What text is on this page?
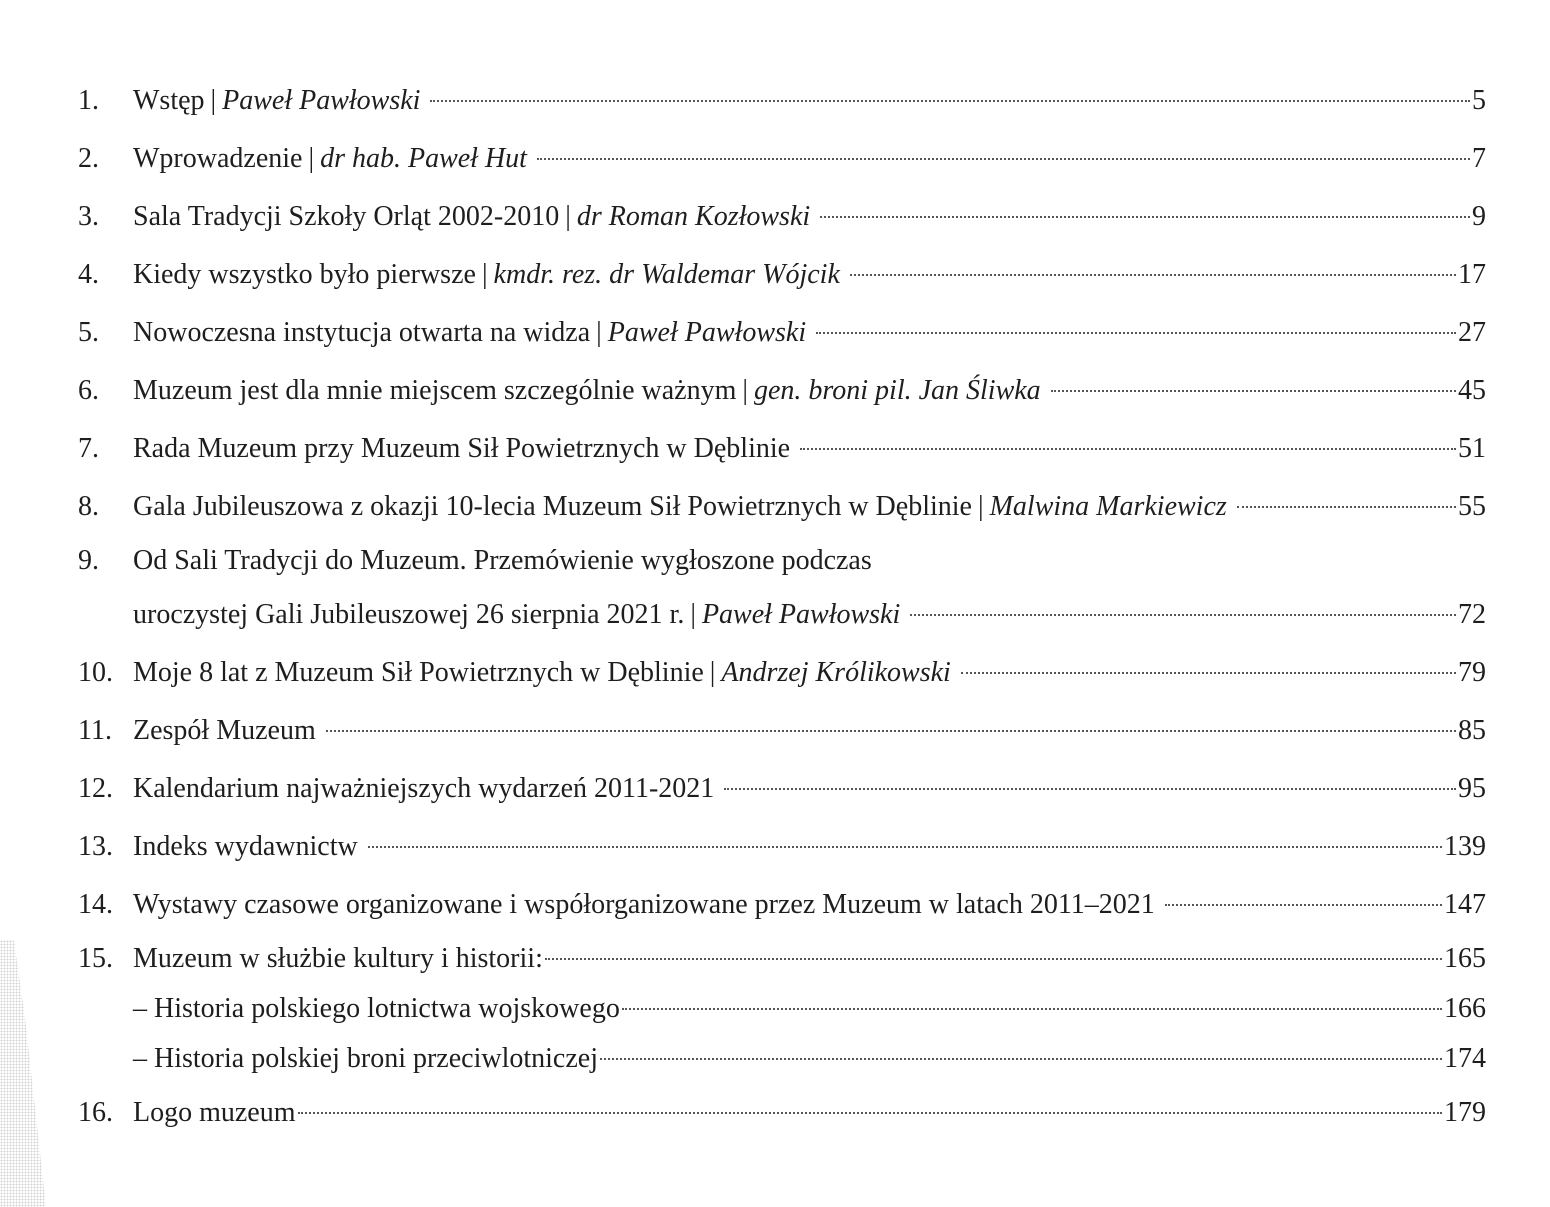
1.	Wstęp | Paweł Pawłowski	5
2.	Wprowadzenie | dr hab. Paweł Hut	7
3.	Sala Tradycji Szkoły Orląt 2002-2010 | dr Roman Kozłowski	9
4.	Kiedy wszystko było pierwsze | kmdr. rez. dr Waldemar Wójcik	17
5.	Nowoczesna instytucja otwarta na widza | Paweł Pawłowski	27
6.	Muzeum jest dla mnie miejscem szczególnie ważnym | gen. broni pil. Jan Śliwka	45
7.	Rada Muzeum przy Muzeum Sił Powietrznych w Dęblinie	51
8.	Gala Jubileuszowa z okazji 10-lecia Muzeum Sił Powietrznych w Dęblinie | Malwina Markiewicz	55
9.	Od Sali Tradycji do Muzeum. Przemówienie wygłoszone podczas
uroczystej Gali Jubileuszowej 26 sierpnia 2021 r. | Paweł Pawłowski	72
10. Moje 8 lat z Muzeum Sił Powietrznych w Dęblinie | Andrzej Królikowski	79
11. Zespół Muzeum	85
12. Kalendarium najważniejszych wydarzeń 2011-2021	95
13. Indeks wydawnictw	139
14. Wystawy czasowe organizowane i współorganizowane przez Muzeum w latach 2011–2021	147
15. Muzeum w służbie kultury i historii:	165
– Historia polskiego lotnictwa wojskowego	166
– Historia polskiej broni przeciwlotniczej	174
16. Logo muzeum	179
